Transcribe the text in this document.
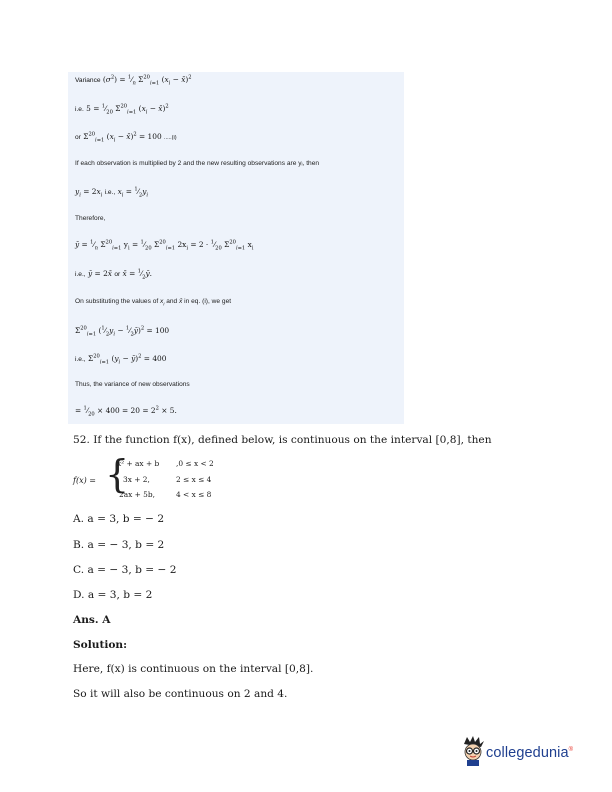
Variance $(\sigma^2)$ = $^1⁄_n$ $\Sigma^{20}_{i=1}$ ($x_i$ − x̄)$^2$
i.e. $5 = ^1⁄_{20}$ $\Sigma^{20}_{i=1}$ ($x_i$ − x̄)$^2$
or $\Sigma^{20}_{i=1}$ ($x_i$ − x̄)$^2$ = 100 .....(i)
If each observation is multiplied by 2 and the new resulting observations are yᵢ, then
$y_i = 2x_i$ i.e., $x_i$ = $^1⁄_2y_i$
Therefore,
ȳ = $^1⁄_n$ $\Sigma^{20}_{i=1}$ $y_i$ = $^1⁄_{20}$ $\Sigma^{20}_{i=1}$ $2x_i = 2$ · $^1⁄_{20}$ $\Sigma^{20}_{i=1}$ $x_i$
i.e., ȳ = 2x̄ or x̄ = $^1⁄_2ȳ$.
On substituting the values of $x_i$ and x̄ in eq. (i), we get
$\Sigma^{20}_{i=1}$ ($^1⁄_2y_i$ − $^1⁄_2ȳ)^2 = 100$
i.e., $\Sigma^{20}_{i=1}$ ($y_i$ − ȳ)$^2$ = 400
Thus, the variance of new observations
= $^1⁄_{20} \times 400 = 20 = 2^2 \times 5$.
52. If the function f(x), defined below, is continuous on the interval [0,8], then
f(x) = {
x² + ax + b ,0 ≤ x < 2
3x + 2,	2 ≤ x ≤ 4
2ax + 5b,	4 < x ≤ 8
A. a = 3, b = − 2
B. a = − 3, b = 2
C. a = − 3, b = − 2
D. a = 3, b = 2
Ans. A
Solution:
Here, f(x) is continuous on the interval [0,8].
So it will also be continuous on 2 and 4.
collegedunia®
